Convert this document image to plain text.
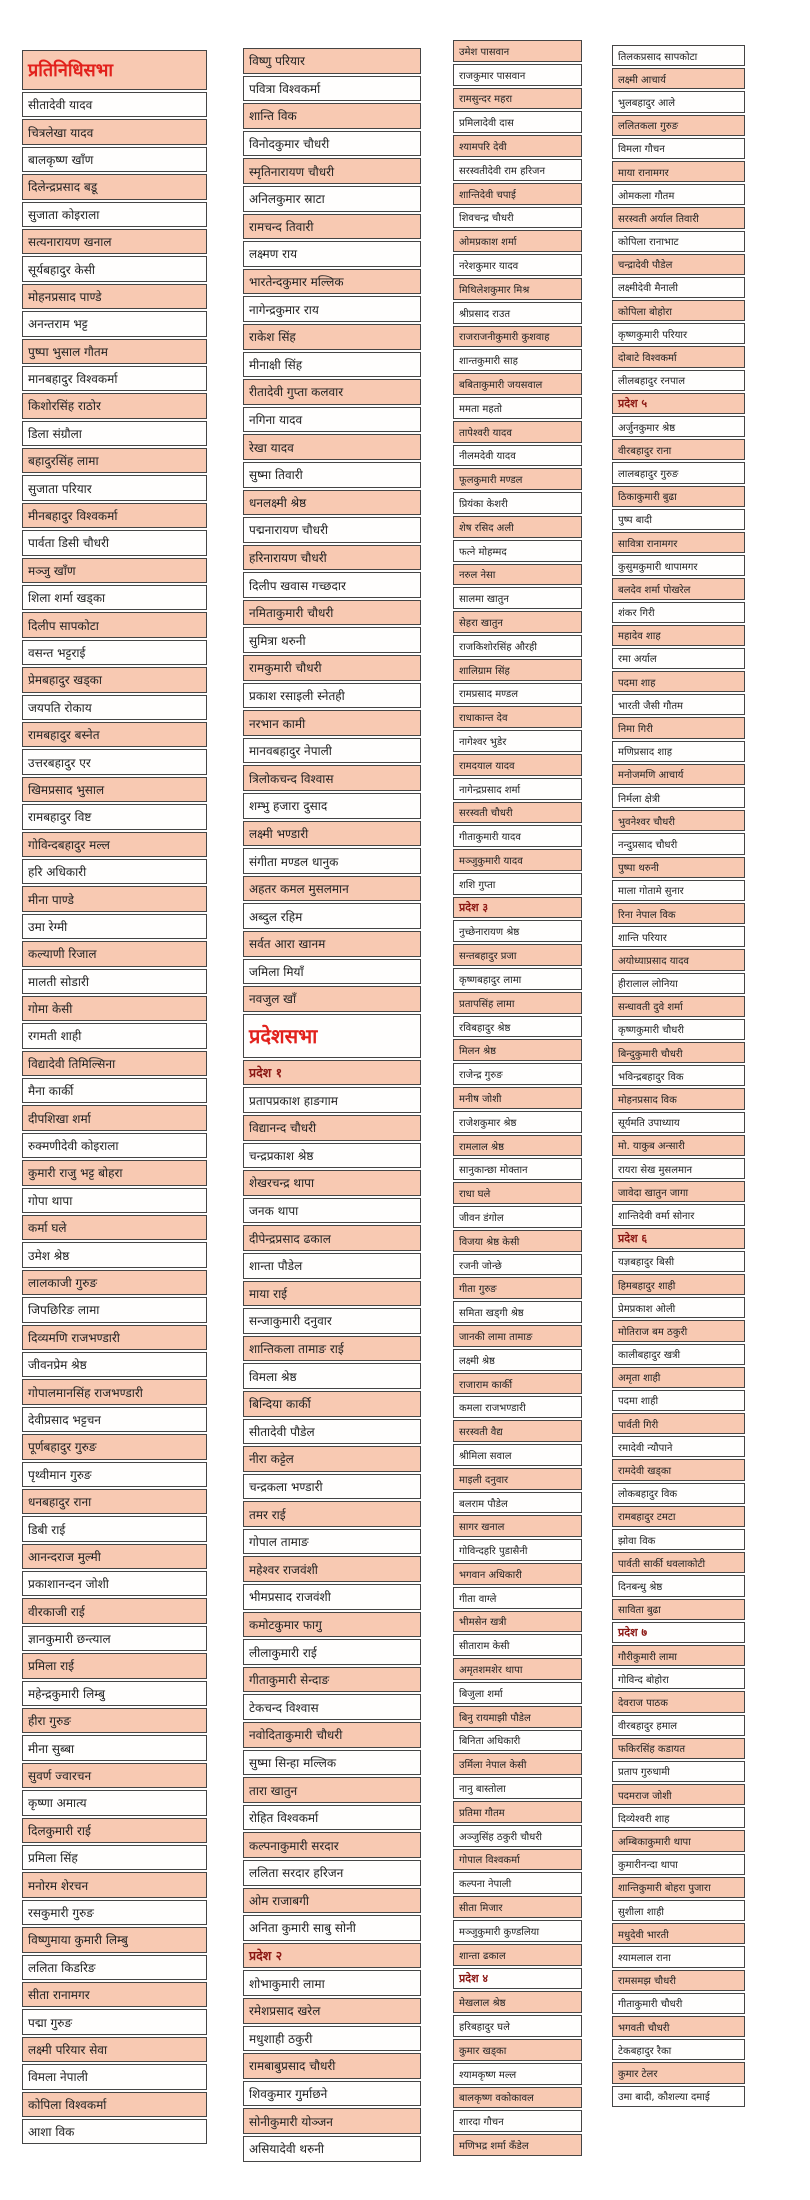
प्रतिनिधिसभा
सीतादेवी यादव
चित्रलेखा यादव
बालकृष्ण खाँण
दिलेन्द्रप्रसाद बडू
सुजाता कोइराला
सत्यनारायण खनाल
सूर्यबहादुर केसी
मोहनप्रसाद पाण्डे
अनन्तराम भट्ट
पुष्पा भुसाल गौतम
मानबहादुर विश्वकर्मा
किशोरसिंह राठोर
डिला संग्रौला
बहादुरसिंह लामा
सुजाता परियार
मीनबहादुर विश्वकर्मा
पार्वता डिसी चौधरी
मञ्जु खाँण
शिला शर्मा खड्का
दिलीप सापकोटा
वसन्त भट्टराई
प्रेमबहादुर खड्का
जयपति रोकाय
रामबहादुर बस्नेत
उत्तरबहादुर एर
खिमप्रसाद भुसाल
रामबहादुर विष्ट
गोविन्दबहादुर मल्ल
हरि अधिकारी
मीना पाण्डे
उमा रेग्मी
कल्याणी रिजाल
मालती सोडारी
गोमा केसी
रगमती शाही
विद्यादेवी तिमिल्सिना
मैना कार्की
दीपशिखा शर्मा
रुक्मणीदेवी कोइराला
कुमारी राजु भट्ट बोहरा
गोपा थापा
कर्मा घले
उमेश श्रेष्ठ
लालकाजी गुरुङ
जिपछिरिङ लामा
दिव्यमणि राजभण्डारी
जीवनप्रेम श्रेष्ठ
गोपालमानसिंह राजभण्डारी
देवीप्रसाद भट्टचन
पूर्णबहादुर गुरुङ
पृथ्वीमान गुरुङ
धनबहादुर राना
डिबी राई
आनन्दराज मुल्मी
प्रकाशानन्दन जोशी
वीरकाजी राई
ज्ञानकुमारी छन्त्याल
प्रमिला राई
महेन्द्रकुमारी लिम्बु
हीरा गुरुङ
मीना सुब्बा
सुवर्ण ज्वारचन
कृष्णा अमात्य
दिलकुमारी राई
प्रमिला सिंह
मनोरम शेरचन
रसकुमारी गुरुङ
विष्णुमाया कुमारी लिम्बु
ललिता किडरिङ
सीता रानामगर
पद्मा गुरुङ
लक्ष्मी परियार सेवा
विमला नेपाली
कोपिला विश्वकर्मा
आशा विक
विष्णु परियार
पवित्रा विश्वकर्मा
शान्ति विक
विनोदकुमार चौधरी
स्मृतिनारायण चौधरी
अनिलकुमार स्राटा
रामचन्द तिवारी
लक्ष्मण राय
भारतेन्दकुमार मल्लिक
नागेन्द्रकुमार राय
राकेश सिंह
मीनाक्षी सिंह
रीतादेवी गुप्ता कलवार
नगिना यादव
रेखा यादव
सुष्मा तिवारी
धनलक्ष्मी श्रेष्ठ
पद्मनारायण चौधरी
हरिनारायण चौधरी
दिलीप खवास गच्छदार
नमिताकुमारी चौधरी
सुमित्रा थरुनी
रामकुमारी चौधरी
प्रकाश रसाइली स्नेतही
नरभान कामी
मानवबहादुर नेपाली
त्रिलोकचन्द विश्वास
शम्भु हजारा दुसाद
लक्ष्मी भण्डारी
संगीता मण्डल धानुक
अहतर कमल मुसलमान
अब्दुल रहिम
सर्वत आरा खानम
जमिला मियाँ
नवजुल खाँ
प्रदेशसभा
प्रदेश १
प्रतापप्रकाश हाङगाम
विद्यानन्द चौधरी
चन्द्रप्रकाश श्रेष्ठ
शेखरचन्द्र थापा
जनक थापा
दीपेन्द्रप्रसाद ढकाल
शान्ता पौडेल
माया राई
सन्जाकुमारी दनुवार
शान्तिकला तामाङ राई
विमला श्रेष्ठ
बिन्दिया कार्की
सीतादेवी पौडेल
नीरा कट्टेल
चन्द्रकला भण्डारी
तमर राई
गोपाल तामाङ
महेश्वर राजवंशी
भीमप्रसाद राजवंशी
कमोटकुमार फागु
लीलाकुमारी राई
गीताकुमारी सेन्दाङ
टेकचन्द विश्वास
नवोदिताकुमारी चौधरी
सुष्मा सिन्हा मल्लिक
तारा खातुन
रोहित विश्वकर्मा
कल्पनाकुमारी सरदार
ललिता सरदार हरिजन
ओम राजाबगी
अनिता कुमारी साबु सोनी
प्रदेश २
शोभाकुमारी लामा
रमेशप्रसाद खरेल
मधुशाही ठकुरी
रामबाबुप्रसाद चौधरी
शिवकुमार गुर्माछने
सोनीकुमारी योञ्जन
असियादेवी थरुनी
उमेश पासवान
राजकुमार पासवान
रामसुन्दर महरा
प्रमिलादेवी दास
श्यामपरि देवी
सरस्वतीदेवी राम हरिजन
शान्तिदेवी चपाई
शिवचन्द्र चौधरी
ओमप्रकाश शर्मा
नरेशकुमार यादव
मिथिलेशकुमार मिश्र
श्रीप्रसाद राउत
राजराजनीकुमारी कुशवाह
शान्तकुमारी साह
बबिताकुमारी जयसवाल
ममता महतो
तापेश्वरी यादव
नीलमदेवी यादव
फूलकुमारी मण्डल
प्रियंका केशरी
शेष रसिद अली
फत्ने मोहम्मद
नरुल नेसा
सालमा खातुन
सेहरा खातुन
राजकिशोरसिंह औरही
शालिग्राम सिंह
रामप्रसाद मण्डल
राधाकान्त देव
नागेश्वर भुडेर
रामदयाल यादव
नागेन्द्रप्रसाद शर्मा
सरस्वती चौधरी
गीताकुमारी यादव
मञ्जुकुमारी यादव
शशि गुप्ता
प्रदेश ३
नुच्छेनारायण श्रेष्ठ
सन्तबहादुर प्रजा
कृष्णबहादुर लामा
प्रतापसिंह लामा
रविबहादुर श्रेष्ठ
मिलन श्रेष्ठ
राजेन्द्र गुरुङ
मनीष जोशी
राजेशकुमार श्रेष्ठ
रामलाल श्रेष्ठ
सानुकान्छा मोक्तान
राधा घले
जीवन डंगोल
विजया श्रेष्ठ केसी
रजनी जोन्छे
गीता गुरुङ
समिता खड्गी श्रेष्ठ
जानकी लामा तामाङ
लक्ष्मी श्रेष्ठ
राजाराम कार्की
कमला राजभण्डारी
सरस्वती वैद्य
श्रीमिला सवाल
माइली दनुवार
बलराम पौडेल
सागर खनाल
गोविन्दहरि पुडासैनी
भगवान अधिकारी
गीता वाग्ले
भीमसेन खत्री
सीताराम केसी
अमृतशमशेर थापा
बिजुला शर्मा
बिनु रायमाझी पौडेल
बिनिता अधिकारी
उर्मिला नेपाल केसी
नानु बास्तोला
प्रतिमा गौतम
अञ्जुसिंह ठकुरी चौधरी
गोपाल विश्वकर्मा
कल्पना नेपाली
सीता मिजार
मञ्जुकुमारी कुण्डलिया
शान्ता ढकाल
प्रदेश ४
मेखलाल श्रेष्ठ
हरिबहादुर घले
कुमार खड्का
श्यामकृष्ण मल्ल
बालकृष्ण वकोकावल
शारदा गौचन
मणिभद्र शर्मा कँडेल
तिलकप्रसाद सापकोटा
लक्ष्मी आचार्य
भुलबहादुर आले
ललितकला गुरुङ
विमला गौचन
माया रानामगर
ओमकला गौतम
सरस्वती अर्याल तिवारी
कोपिला रानाभाट
चन्द्रादेवी पौडेल
लक्ष्मीदेवी मैनाली
कोपिला बोहोरा
कृष्णकुमारी परियार
दोबाटे विश्वकर्मा
लीलबहादुर रनपाल
प्रदेश ५
अर्जुनकुमार श्रेष्ठ
वीरबहादुर राना
लालबहादुर गुरुङ
ठिकाकुमारी बुढा
पुष्प बादी
सावित्रा रानामगर
कुसुमकुमारी थापामगर
बलदेव शर्मा पोखरेल
शंकर गिरी
महादेव शाह
रमा अर्याल
पदमा शाह
भारती जैसी गौतम
निमा गिरी
मणिप्रसाद शाह
मनोजमणि आचार्य
निर्मला क्षेत्री
भुवनेश्वर चौधरी
नन्दुप्रसाद चौधरी
पुष्पा थरुनी
माला गोतामे सुनार
रिना नेपाल विक
शान्ति परियार
अयोध्याप्रसाद यादव
हीरालाल लोनिया
सन्धावती दुवे शर्मा
कृष्णकुमारी चौधरी
बिन्दुकुमारी चौधरी
भविन्द्रबहादुर विक
मोहनप्रसाद विक
सूर्यमति उपाध्याय
मो. याकुब अन्सारी
रायरा सेख मुसलमान
जावेदा खातुन जागा
शान्तिदेवी वर्मा सोनार
प्रदेश ६
यज्ञबहादुर बिसी
हिमबहादुर शाही
प्रेमप्रकाश ओली
मोतिराज बम ठकुरी
कालीबहादुर खत्री
अमृता शाही
पदमा शाही
पार्वती गिरी
रमादेवी न्यौपाने
रामदेवी खड्का
लोकबहादुर विक
रामबहादुर टमटा
झोवा विक
पार्वती सार्की धवलाकोटी
दिनबन्धु श्रेष्ठ
साविता बुढा
प्रदेश ७
गौरीकुमारी लामा
गोविन्द बोहोरा
देवराज पाठक
वीरबहादुर हमाल
फकिरसिंह कडायत
प्रताप गुरुधामी
पदमराज जोशी
दिव्येश्वरी शाह
अम्बिकाकुमारी थापा
कुमारीनन्दा थापा
शान्तिकुमारी बोहरा पुजारा
सुशीला शाही
मधुदेवी भारती
श्यामलाल राना
रामसमझ चौधरी
गीताकुमारी चौधरी
भगवती चौधरी
टेकबहादुर रैका
कुमार टेलर
उमा बादी, कौशल्या दमाई
